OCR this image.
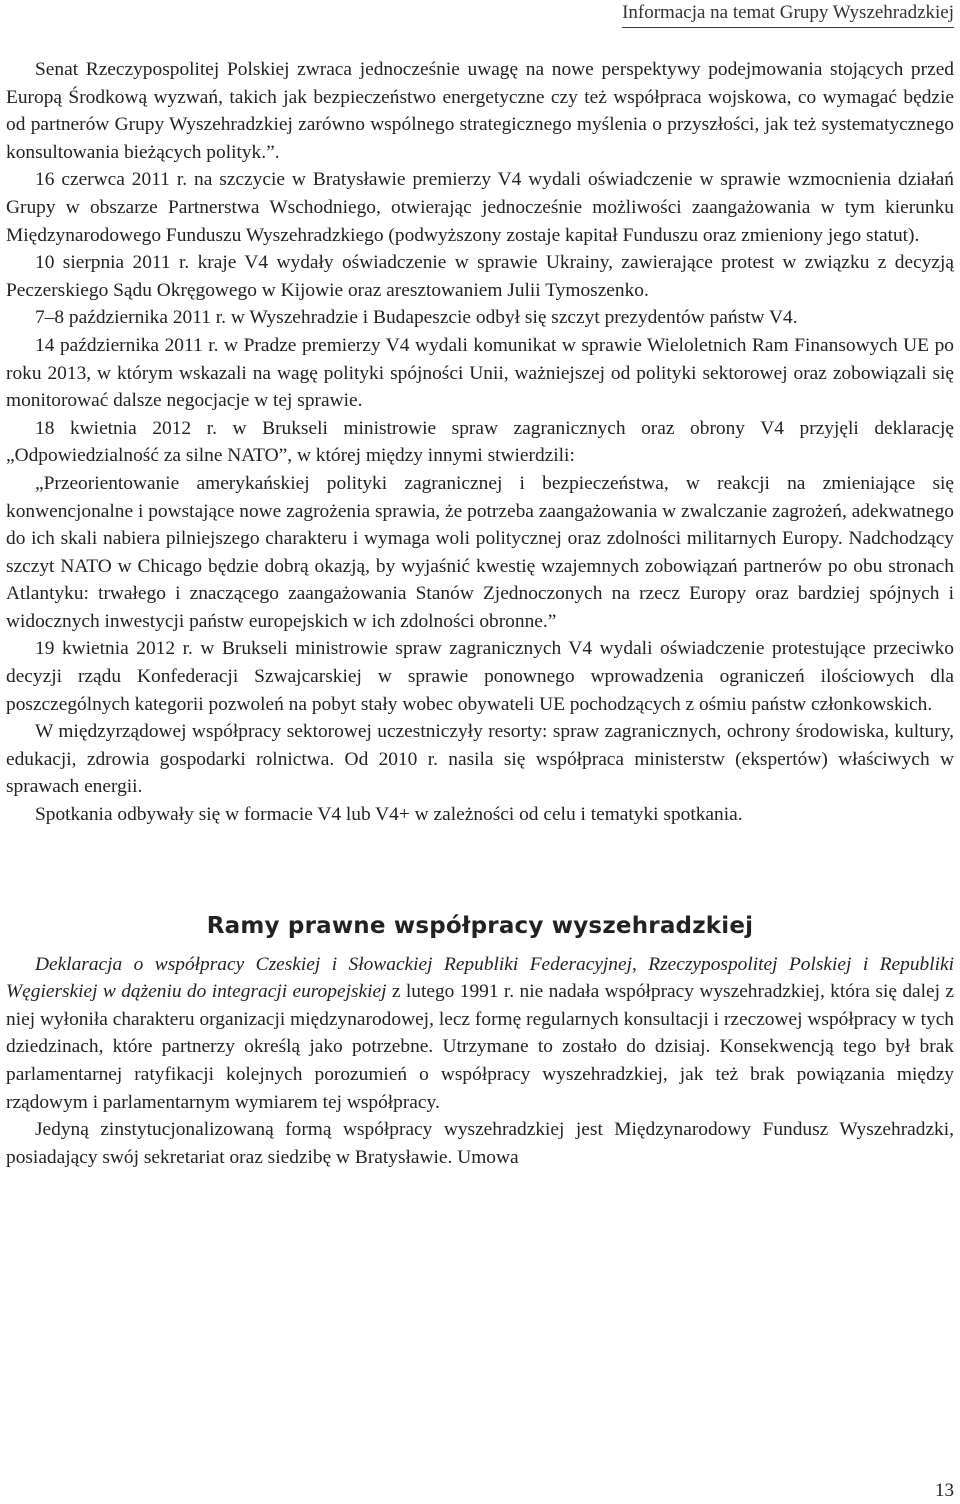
Informacja na temat Grupy Wyszehradzkiej

Senat Rzeczypospolitej Polskiej zwraca jednocześnie uwagę na nowe perspektywy podejmowania stojących przed Europą Środkową wyzwań, takich jak bezpieczeństwo energetyczne czy też współpraca wojskowa, co wymagać będzie od partnerów Grupy Wyszehradzkiej zarówno wspólnego strategicznego myślenia o przyszłości, jak też systematycznego konsultowania bieżących polityk.”.

16 czerwca 2011 r. na szczycie w Bratysławie premierzy V4 wydali oświadczenie w sprawie wzmocnienia działań Grupy w obszarze Partnerstwa Wschodniego, otwierając jednocześnie możliwości zaangażowania w tym kierunku Międzynarodowego Funduszu Wyszehradzkiego (podwyższony zostaje kapitał Funduszu oraz zmieniony jego statut).

10 sierpnia 2011 r. kraje V4 wydały oświadczenie w sprawie Ukrainy, zawierające protest w związku z decyzją Peczerskiego Sądu Okręgowego w Kijowie oraz aresztowaniem Julii Tymoszenko.

7–8 października 2011 r. w Wyszehradzie i Budapeszcie odbył się szczyt prezydentów państw V4.

14 października 2011 r. w Pradze premierzy V4 wydali komunikat w sprawie Wieloletnich Ram Finansowych UE po roku 2013, w którym wskazali na wagę polityki spójności Unii, ważniejszej od polityki sektorowej oraz zobowiązali się monitorować dalsze negocjacje w tej sprawie.

18 kwietnia 2012 r. w Brukseli ministrowie spraw zagranicznych oraz obrony V4 przyjęli deklarację „Odpowiedzialność za silne NATO”, w której między innymi stwierdzili:

„Przeorientowanie amerykańskiej polityki zagranicznej i bezpieczeństwa, w reakcji na zmieniające się konwencjonalne i powstające nowe zagrożenia sprawia, że potrzeba zaangażowania w zwalczanie zagrożeń, adekwatnego do ich skali nabiera pilniejszego charakteru i wymaga woli politycznej oraz zdolności militarnych Europy. Nadchodzący szczyt NATO w Chicago będzie dobrą okazją, by wyjaśnić kwestię wzajemnych zobowiązań partnerów po obu stronach Atlantyku: trwałego i znaczącego zaangażowania Stanów Zjednoczonych na rzecz Europy oraz bardziej spójnych i widocznych inwestycji państw europejskich w ich zdolności obronne.”

19 kwietnia 2012 r. w Brukseli ministrowie spraw zagranicznych V4 wydali oświadczenie protestujące przeciwko decyzji rządu Konfederacji Szwajcarskiej w sprawie ponownego wprowadzenia ograniczeń ilościowych dla poszczególnych kategorii pozwoleń na pobyt stały wobec obywateli UE pochodzących z ośmiu państw członkowskich.

W międzyrządowej współpracy sektorowej uczestniczyły resorty: spraw zagranicznych, ochrony środowiska, kultury, edukacji, zdrowia gospodarki rolnictwa. Od 2010 r. nasila się współpraca ministerstw (ekspertów) właściwych w sprawach energii.

Spotkania odbywały się w formacie V4 lub V4+ w zależności od celu i tematyki spotkania.

Ramy prawne współpracy wyszehradzkiej

Deklaracja o współpracy Czeskiej i Słowackiej Republiki Federacyjnej, Rzeczypospolitej Polskiej i Republiki Węgierskiej w dążeniu do integracji europejskiej z lutego 1991 r. nie nadała współpracy wyszehradzkiej, która się dalej z niej wyłoniła charakteru organizacji międzynarodowej, lecz formę regularnych konsultacji i rzeczowej współpracy w tych dziedzinach, które partnerzy określą jako potrzebne. Utrzymane to zostało do dzisiaj. Konsekwencją tego był brak parlamentarnej ratyfikacji kolejnych porozumień o współpracy wyszehradzkiej, jak też brak powiązania między rządowym i parlamentarnym wymiarem tej współpracy.

Jedyną zinstytucjonalizowaną formą współpracy wyszehradzkiej jest Międzynarodowy Fundusz Wyszehradzki, posiadający swój sekretariat oraz siedzibę w Bratysławie. Umowa

13
